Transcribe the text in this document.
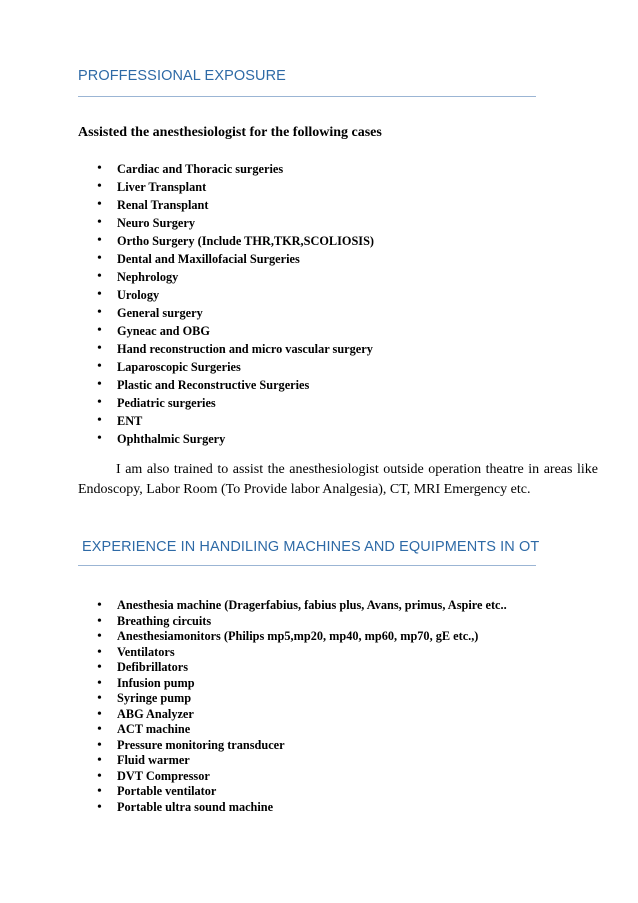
PROFFESSIONAL EXPOSURE
Assisted the anesthesiologist for the following cases
• Cardiac and Thoracic surgeries
• Liver Transplant
• Renal Transplant
• Neuro Surgery
• Ortho Surgery (Include THR,TKR,SCOLIOSIS)
• Dental and Maxillofacial Surgeries
• Nephrology
• Urology
• General surgery
• Gyneac and OBG
• Hand reconstruction and micro vascular surgery
• Laparoscopic Surgeries
• Plastic and Reconstructive Surgeries
• Pediatric surgeries
• ENT
• Ophthalmic Surgery
I am also trained to assist the anesthesiologist outside operation theatre in areas like Endoscopy, Labor Room (To Provide labor Analgesia), CT, MRI Emergency etc.
EXPERIENCE IN HANDILING MACHINES AND EQUIPMENTS IN OT
• Anesthesia machine (Dragerfabius, fabius plus, Avans, primus, Aspire etc..
• Breathing circuits
• Anesthesiamonitors (Philips mp5,mp20, mp40, mp60, mp70, gE etc.,)
• Ventilators
• Defibrillators
• Infusion pump
• Syringe pump
• ABG Analyzer
• ACT machine
• Pressure monitoring transducer
• Fluid warmer
• DVT Compressor
• Portable ventilator
• Portable ultra sound machine
